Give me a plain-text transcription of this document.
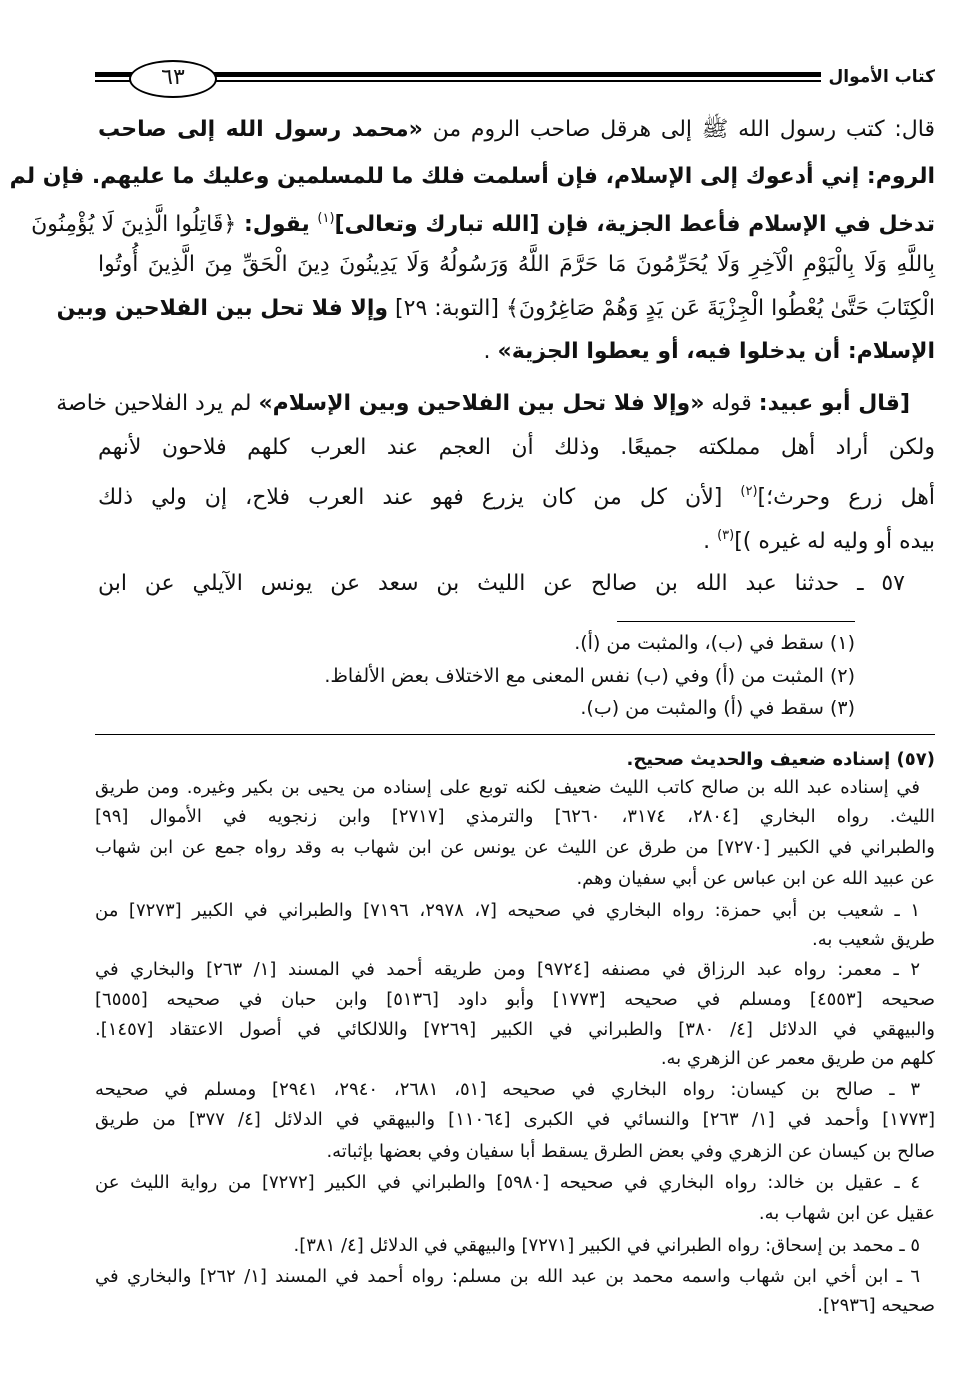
كتاب الأموال
٦٣
قال: كتب رسول الله ﷺ إلى هرقل صاحب الروم من «محمد رسول الله إلى صاحب
الروم: إني أدعوك إلى الإسلام، فإن أسلمت فلك ما للمسلمين وعليك ما عليهم. فإن لم
تدخل في الإسلام فأعط الجزية، فإن [الله تبارك وتعالى]$^{(١)}$ يقول: ﴿قَاتِلُوا الَّذِينَ لَا يُؤْمِنُونَ
بِاللَّهِ وَلَا بِالْيَوْمِ الْآخِرِ وَلَا يُحَرِّمُونَ مَا حَرَّمَ اللَّهُ وَرَسُولُهُ وَلَا يَدِينُونَ دِينَ الْحَقِّ مِنَ الَّذِينَ أُوتُوا
الْكِتَابَ حَتَّىٰ يُعْطُوا الْجِزْيَةَ عَن يَدٍ وَهُمْ صَاغِرُونَ﴾ [التوبة: ٢٩] وإلا فلا تحل بين الفلاحين وبين
الإسلام: أن يدخلوا فيه، أو يعطوا الجزية» .
[قال أبو عبيد: قوله «وإلا فلا تحل بين الفلاحين وبين الإسلام» لم يرد الفلاحين خاصة
ولكن أراد أهل مملكته جميعًا. وذلك أن العجم عند العرب كلهم فلاحون لأنهم
أهل زرع وحرث؛]$^{(٢)}$ [لأن كل من كان يزرع فهو عند العرب فلاح، إن ولي ذلك
بيده أو وليه له غيره )]$^{(٣)}$ .
٥٧ ـ حدثنا عبد الله بن صالح عن الليث بن سعد عن يونس الآيلي عن ابن
(١) سقط في (ب)، والمثبت من (أ).
(٢) المثبت من (أ) وفي (ب) نفس المعنى مع الاختلاف بعض الألفاظ.
(٣) سقط في (أ) والمثبت من (ب).
(٥٧) إسناده ضعيف والحديث صحيح.
في إسناده عبد الله بن صالح كاتب الليث ضعيف لكنه توبع على إسناده من يحيى بن بكير وغيره. ومن طريق
الليث. رواه البخاري [٢٨٠٤، ٣١٧٤، ٦٢٦٠] والترمذي [٢٧١٧] وابن زنجويه في الأموال [٩٩]
والطبراني في الكبير [٧٢٧٠] من طرق عن الليث عن يونس عن ابن شهاب به وقد رواه جمع عن ابن شهاب
عن عبيد الله عن ابن عباس عن أبي سفيان وهم.
١ ـ شعيب بن أبي حمزة: رواه البخاري في صحيحه [٧، ٢٩٧٨، ٧١٩٦] والطبراني في الكبير [٧٢٧٣] من
طريق شعيب به.
٢ ـ معمر: رواه عبد الرزاق في مصنفه [٩٧٢٤] ومن طريقه أحمد في المسند [١/ ٢٦٣] والبخاري في
صحيحه [٤٥٥٣] ومسلم في صحيحه [١٧٧٣] وأبو داود [٥١٣٦] وابن حبان في صحيحه [٦٥٥٥]
والبيهقي في الدلائل [٤/ ٣٨٠] والطبراني في الكبير [٧٢٦٩] واللالكائي في أصول الاعتقاد [١٤٥٧].
كلهم من طريق معمر عن الزهري به.
٣ ـ صالح بن كيسان: رواه البخاري في صحيحه [٥١، ٢٦٨١، ٢٩٤٠، ٢٩٤١] ومسلم في صحيحه
[١٧٧٣] وأحمد في [١/ ٢٦٣] والنسائي في الكبرى [١١٠٦٤] والبيهقي في الدلائل [٤/ ٣٧٧] من طريق
صالح بن كيسان عن الزهري وفي بعض الطرق يسقط أبا سفيان وفي بعضها بإثباته.
٤ ـ عقيل بن خالد: رواه البخاري في صحيحه [٥٩٨٠] والطبراني في الكبير [٧٢٧٢] من رواية الليث عن
عقيل عن ابن شهاب به.
٥ ـ محمد بن إسحاق: رواه الطبراني في الكبير [٧٢٧١] والبيهقي في الدلائل [٤/ ٣٨١].
٦ ـ ابن أخي ابن شهاب واسمه محمد بن عبد الله بن مسلم: رواه أحمد في المسند [١/ ٢٦٢] والبخاري في
صحيحه [٢٩٣٦].
